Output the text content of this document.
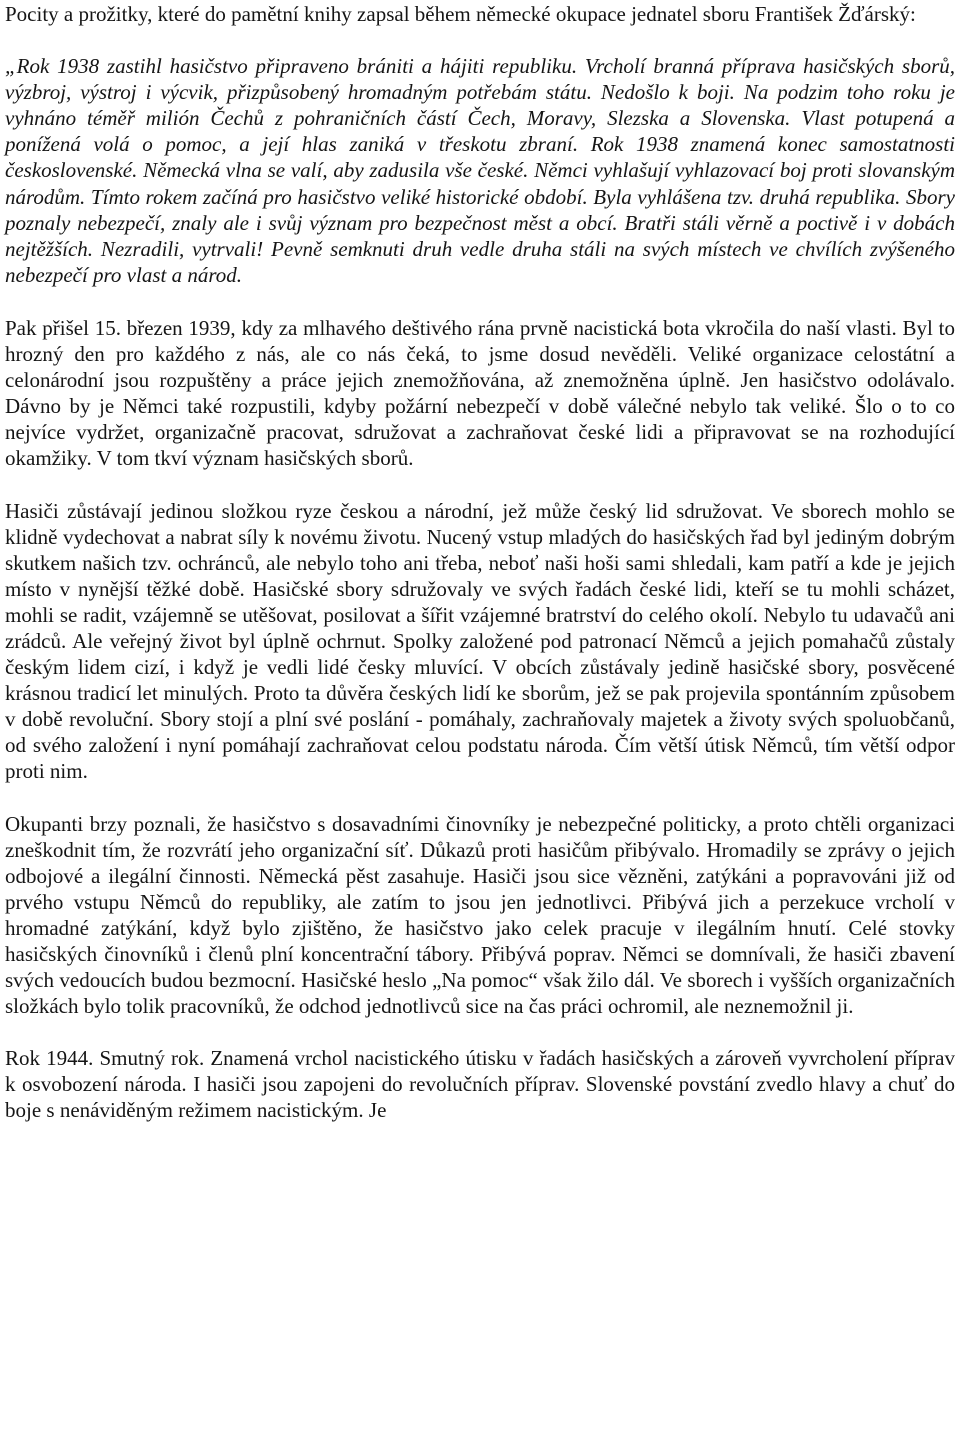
Pocity a prožitky, které do pamětní knihy zapsal během německé okupace jednatel sboru František Žďárský:

„Rok 1938 zastihl hasičstvo připraveno brániti a hájiti republiku. Vrcholí branná příprava hasičských sborů, výzbroj, výstroj i výcvik, přizpůsobený hromadným potřebám státu. Nedošlo k boji. Na podzim toho roku je vyhnáno téměř milión Čechů z pohraničních částí Čech, Moravy, Slezska a Slovenska. Vlast potupená a ponížená volá o pomoc, a její hlas zaniká v třeskotu zbraní. Rok 1938 znamená konec samostatnosti československé. Německá vlna se valí, aby zadusila vše české. Němci vyhlašují vyhlazovací boj proti slovanským národům. Tímto rokem začíná pro hasičstvo veliké historické období. Byla vyhlášena tzv. druhá republika. Sbory poznaly nebezpečí, znaly ale i svůj význam pro bezpečnost měst a obcí. Bratři stáli věrně a poctivě i v dobách nejtěžších. Nezradili, vytrvali! Pevně semknuti druh vedle druha stáli na svých místech ve chvílích zvýšeného nebezpečí pro vlast a národ.

Pak přišel 15. březen 1939, kdy za mlhavého deštivého rána prvně nacistická bota vkročila do naší vlasti. Byl to hrozný den pro každého z nás, ale co nás čeká, to jsme dosud nevěděli. Veliké organizace celostátní a celonárodní jsou rozpuštěny a práce jejich znemožňována, až znemožněna úplně. Jen hasičstvo odolávalo. Dávno by je Němci také rozpustili, kdyby požární nebezpečí v době válečné nebylo tak veliké. Šlo o to co nejvíce vydržet, organizačně pracovat, sdružovat a zachraňovat české lidi a připravovat se na rozhodující okamžiky. V tom tkví význam hasičských sborů.

Hasiči zůstávají jedinou složkou ryze českou a národní, jež může český lid sdružovat. Ve sborech mohlo se klidně vydechovat a nabrat síly k novému životu. Nucený vstup mladých do hasičských řad byl jediným dobrým skutkem našich tzv. ochránců, ale nebylo toho ani třeba, neboť naši hoši sami shledali, kam patří a kde je jejich místo v nynější těžké době. Hasičské sbory sdružovaly ve svých řadách české lidi, kteří se tu mohli scházet, mohli se radit, vzájemně se utěšovat, posilovat a šířit vzájemné bratrství do celého okolí. Nebylo tu udavačů ani zrádců. Ale veřejný život byl úplně ochrnut. Spolky založené pod patronací Němců a jejich pomahačů zůstaly českým lidem cizí, i když je vedli lidé česky mluvící. V obcích zůstávaly jedině hasičské sbory, posvěcené krásnou tradicí let minulých. Proto ta důvěra českých lidí ke sborům, jež se pak projevila spontánním způsobem v době revoluční. Sbory stojí a plní své poslání - pomáhaly, zachraňovaly majetek a životy svých spoluobčanů, od svého založení i nyní pomáhají zachraňovat celou podstatu národa. Čím větší útisk Němců, tím větší odpor proti nim.

Okupanti brzy poznali, že hasičstvo s dosavadními činovníky je nebezpečné politicky, a proto chtěli organizaci zneškodnit tím, že rozvrátí jeho organizační síť. Důkazů proti hasičům přibývalo. Hromadily se zprávy o jejich odbojové a ilegální činnosti. Německá pěst zasahuje. Hasiči jsou sice vězněni, zatýkáni a popravováni již od prvého vstupu Němců do republiky, ale zatím to jsou jen jednotlivci. Přibývá jich a perzekuce vrcholí v hromadné zatýkání, když bylo zjištěno, že hasičstvo jako celek pracuje v ilegálním hnutí. Celé stovky hasičských činovníků i členů plní koncentrační tábory. Přibývá poprav. Němci se domnívali, že hasiči zbavení svých vedoucích budou bezmocní. Hasičské heslo „Na pomoc“ však žilo dál. Ve sborech i vyšších organizačních složkách bylo tolik pracovníků, že odchod jednotlivců sice na čas práci ochromil, ale neznemožnil ji.

Rok 1944. Smutný rok. Znamená vrchol nacistického útisku v řadách hasičských a zároveň vyvrcholení příprav k osvobození národa. I hasiči jsou zapojeni do revolučních příprav. Slovenské povstání zvedlo hlavy a chuť do boje s nenáviděným režimem nacistickým. Je
